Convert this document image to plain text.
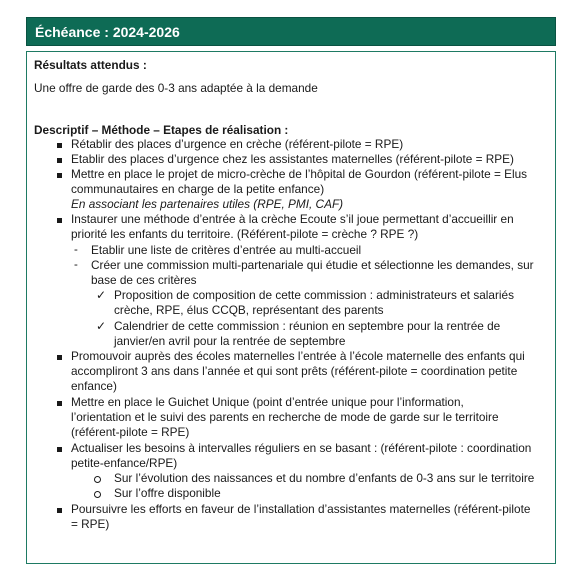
Échéance : 2024-2026
Résultats attendus :
Une offre de garde des 0-3 ans adaptée à la demande
Descriptif – Méthode – Etapes de réalisation :
Rétablir des places d’urgence en crèche (référent-pilote = RPE)
Etablir des places d’urgence chez les assistantes maternelles (référent-pilote = RPE)
Mettre en place le projet de micro-crèche de l’hôpital de Gourdon (référent-pilote = Elus
communautaires en charge de la petite enfance)
En associant les partenaires utiles (RPE, PMI, CAF)
Instaurer une méthode d’entrée à la crèche Ecoute s’il joue permettant d’accueillir en
priorité les enfants du territoire. (Référent-pilote = crèche ? RPE ?)
- Etablir une liste de critères d’entrée au multi-accueil
- Créer une commission multi-partenariale qui étudie et sélectionne les demandes, sur
base de ces critères
✓ Proposition de composition de cette commission : administrateurs et salariés
crèche, RPE, élus CCQB, représentant des parents
✓ Calendrier de cette commission : réunion en septembre pour la rentrée de
janvier/en avril pour la rentrée de septembre
Promouvoir auprès des écoles maternelles l’entrée à l’école maternelle des enfants qui
accompliront 3 ans dans l’année et qui sont prêts (référent-pilote = coordination petite
enfance)
Mettre en place le Guichet Unique (point d’entrée unique pour l’information,
l’orientation et le suivi des parents en recherche de mode de garde sur le territoire
(référent-pilote = RPE)
Actualiser les besoins à intervalles réguliers en se basant : (référent-pilote : coordination
petite-enfance/RPE)
Sur l’évolution des naissances et du nombre d’enfants de 0-3 ans sur le territoire
Sur l’offre disponible
Poursuivre les efforts en faveur de l’installation d’assistantes maternelles (référent-pilote
= RPE)
